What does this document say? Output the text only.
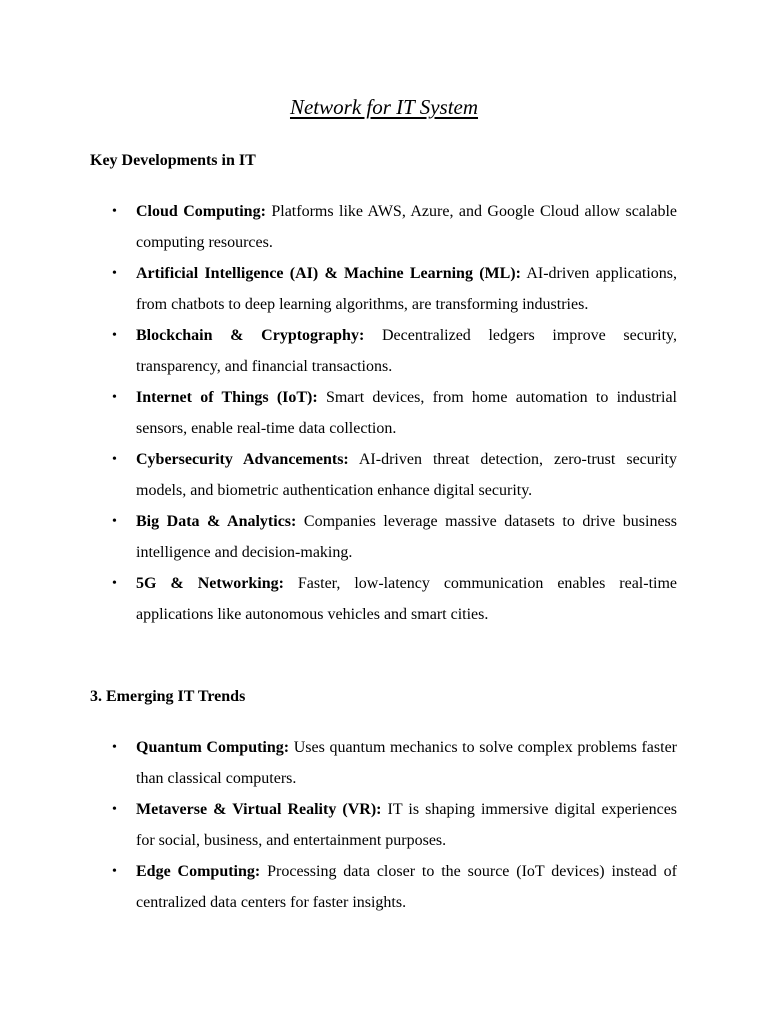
Network for IT System
Key Developments in IT
• Cloud Computing: Platforms like AWS, Azure, and Google Cloud allow scalable computing resources.
• Artificial Intelligence (AI) & Machine Learning (ML): AI-driven applications, from chatbots to deep learning algorithms, are transforming industries.
• Blockchain & Cryptography: Decentralized ledgers improve security, transparency, and financial transactions.
• Internet of Things (IoT): Smart devices, from home automation to industrial sensors, enable real-time data collection.
• Cybersecurity Advancements: AI-driven threat detection, zero-trust security models, and biometric authentication enhance digital security.
• Big Data & Analytics: Companies leverage massive datasets to drive business intelligence and decision-making.
• 5G & Networking: Faster, low-latency communication enables real-time applications like autonomous vehicles and smart cities.
3. Emerging IT Trends
• Quantum Computing: Uses quantum mechanics to solve complex problems faster than classical computers.
• Metaverse & Virtual Reality (VR): IT is shaping immersive digital experiences for social, business, and entertainment purposes.
• Edge Computing: Processing data closer to the source (IoT devices) instead of centralized data centers for faster insights.
